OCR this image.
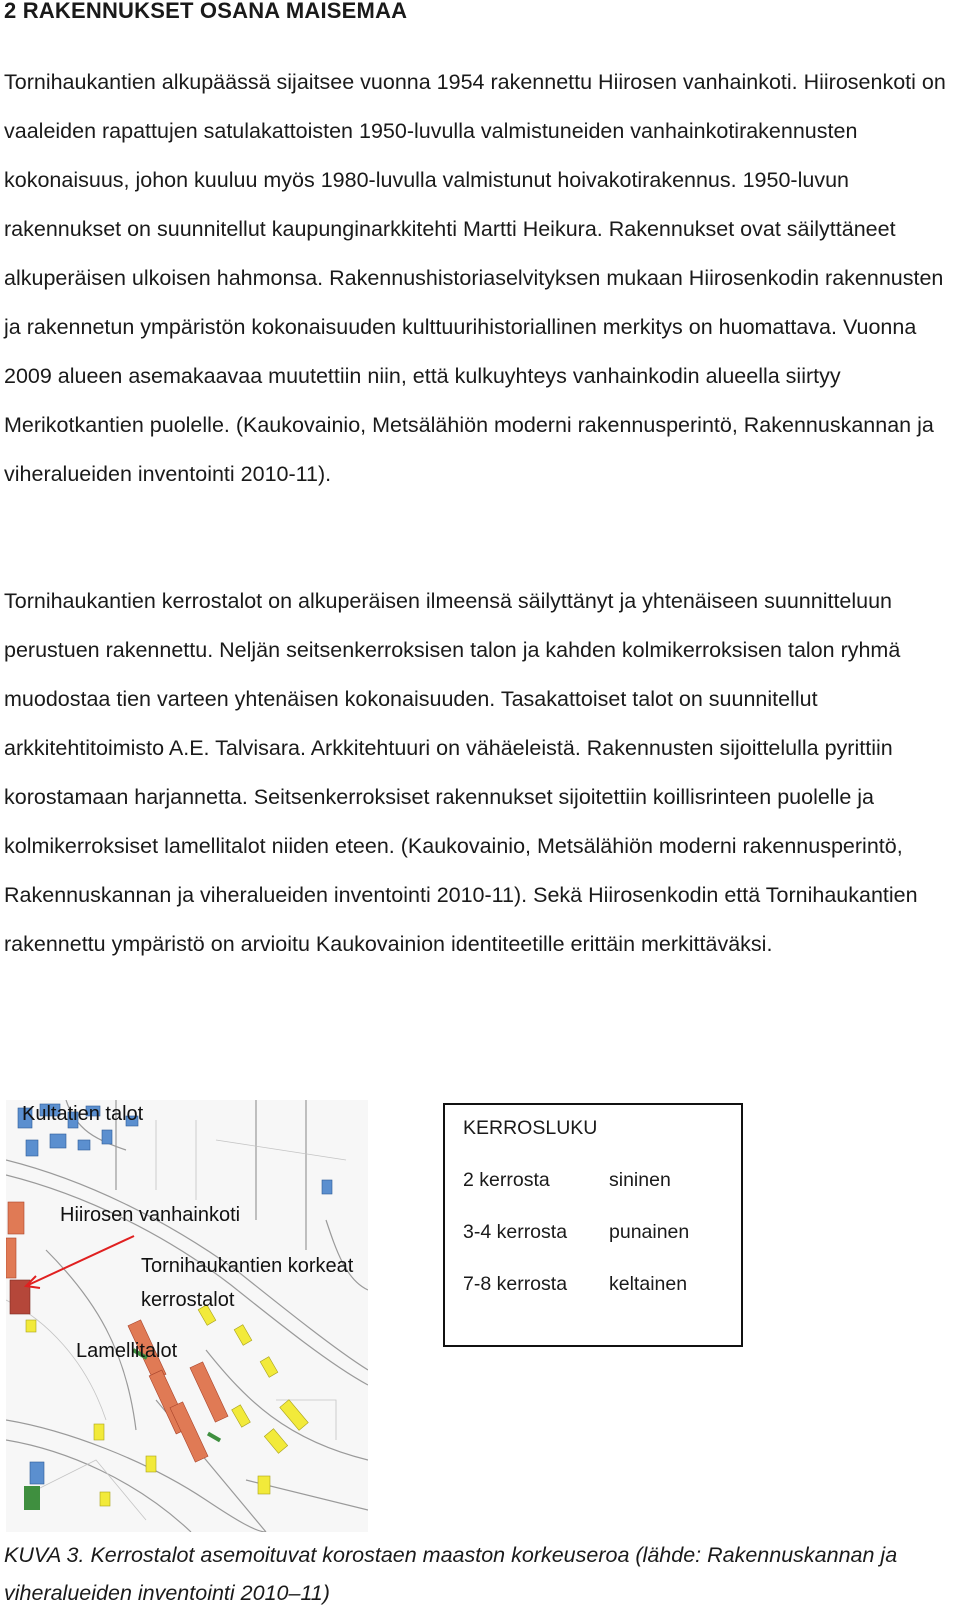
2 RAKENNUKSET OSANA MAISEMAA
Tornihaukantien alkupäässä sijaitsee vuonna 1954 rakennettu Hiirosen vanhainkoti. Hiirosenkoti on vaaleiden rapattujen satulakattoisten 1950-luvulla valmistuneiden vanhainkotirakennusten kokonaisuus, johon kuuluu myös 1980-luvulla valmistunut hoivakotirakennus. 1950-luvun rakennukset on suunnitellut kaupunginarkkitehti Martti Heikura. Rakennukset ovat säilyttäneet alkuperäisen ulkoisen hahmonsa. Rakennushistoriaselvityksen mukaan Hiirosenkodin rakennusten ja rakennetun ympäristön kokonaisuuden kulttuurihistoriallinen merkitys on huomattava. Vuonna 2009 alueen asemakaavaa muutettiin niin, että kulkuyhteys vanhainkodin alueella siirtyy Merikotkantien puolelle. (Kaukovainio, Metsälähiön moderni rakennusperintö, Rakennuskannan ja viheralueiden inventointi 2010-11).
Tornihaukantien kerrostalot on alkuperäisen ilmeensä säilyttänyt ja yhtenäiseen suunnitteluun perustuen rakennettu. Neljän seitsenkerroksisen talon ja kahden kolmikerroksisen talon ryhmä muodostaa tien varteen yhtenäisen kokonaisuuden. Tasakattoiset talot on suunnitellut arkkitehtitoimisto A.E. Talvisara. Arkkitehtuuri on vähäeleistä. Rakennusten sijoittelulla pyrittiin korostamaan harjannetta. Seitsenkerroksiset rakennukset sijoitettiin koillisrinteen puolelle ja kolmikerroksiset lamellitalot niiden eteen. (Kaukovainio, Metsälähiön moderni rakennusperintö, Rakennuskannan ja viheralueiden inventointi 2010-11). Sekä Hiirosenkodin että Tornihaukantien rakennettu ympäristö on arvioitu Kaukovainion identiteetille erittäin merkittäväksi.
Kultatien talot
Hiirosen vanhainkoti
Tornihaukantien korkeat
kerrostalot
Lamellitalot
KERROSLUKU
2 kerrosta	sininen
3-4 kerrosta punainen
7-8 kerrosta keltainen
KUVA 3. Kerrostalot asemoituvat korostaen maaston korkeuseroa (lähde: Rakennuskannan ja viheralueiden inventointi 2010–11)
